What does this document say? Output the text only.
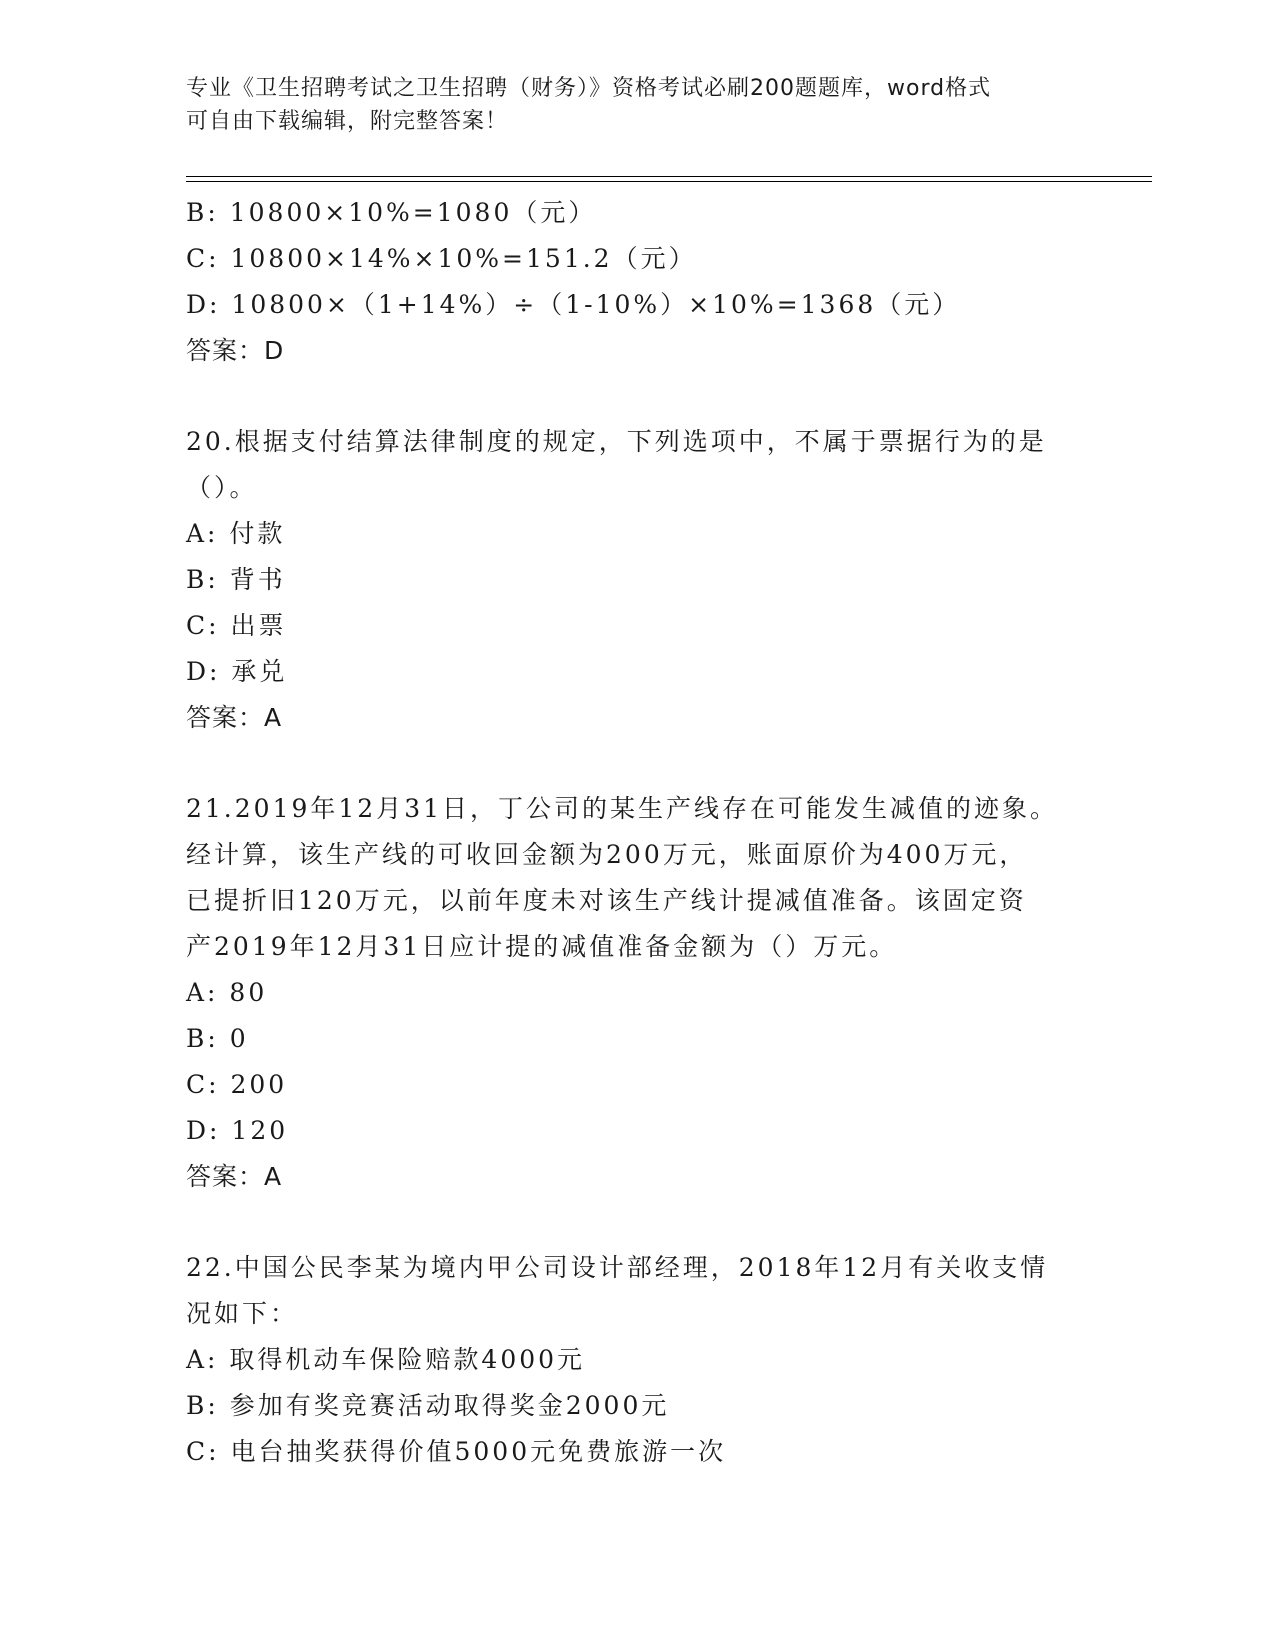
专业《卫生招聘考试之卫生招聘（财务）》资格考试必刷200题题库，word格式
可自由下载编辑，附完整答案！
B: 10800×10%=1080（元）
C: 10800×14%×10%=151.2（元）
D: 10800×（1+14%）÷（1-10%）×10%=1368（元）
答案：D
20.根据支付结算法律制度的规定，下列选项中，不属于票据行为的是
（）。
A: 付款
B: 背书
C: 出票
D: 承兑
答案：A
21.2019年12月31日，丁公司的某生产线存在可能发生减值的迹象。
经计算，该生产线的可收回金额为200万元，账面原价为400万元，
已提折旧120万元，以前年度未对该生产线计提减值准备。该固定资
产2019年12月31日应计提的减值准备金额为（）万元。
A: 80
B: 0
C: 200
D: 120
答案：A
22.中国公民李某为境内甲公司设计部经理，2018年12月有关收支情
况如下：
A: 取得机动车保险赔款4000元
B: 参加有奖竞赛活动取得奖金2000元
C: 电台抽奖获得价值5000元免费旅游一次
